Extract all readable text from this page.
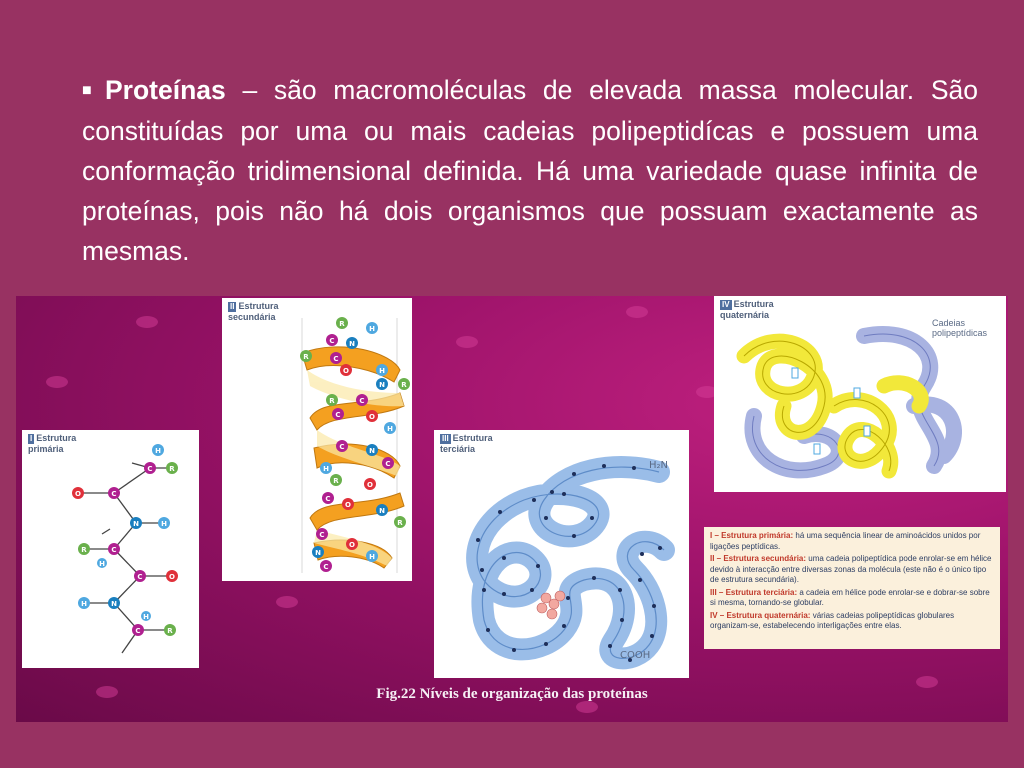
■ Proteínas – são macromoléculas de elevada massa molecular. São constituídas por uma ou mais cadeias polipeptidícas e possuem uma conformação tridimensional definida. Há uma variedade quase infinita de proteínas, pois não há dois organismos que possuam exactamente as mesmas.
I Estrutura
primária	H
C R
C
O
N	H
C
R
H
C	O
N
H
C	R
H
II Estrutura
secundária
R
H
C N
R	C
O	H
N R
R	C
C	O
H
C	N
C
H
R	O
C
O
N
R
C
N
O
H
C
III Estrutura
terciária
H₂N
COOH
IV Estrutura
quaternária
Cadeias polipeptídicas
I – Estrutura primária: há uma sequência linear de aminoácidos unidos por ligações peptídicas.
II – Estrutura secundária: uma cadeia polipeptídica pode enrolar-se em hélice devido à interacção entre diversas zonas da molécula (este não é o único tipo de estrutura secundária).
III – Estrutura terciária: a cadeia em hélice pode enrolar-se e dobrar-se sobre si mesma, tornando-se globular.
IV – Estrutura quaternária: várias cadeias polipeptídicas globulares organizam-se, estabelecendo interligações entre elas.
Fig.22 Níveis de organização das proteínas
